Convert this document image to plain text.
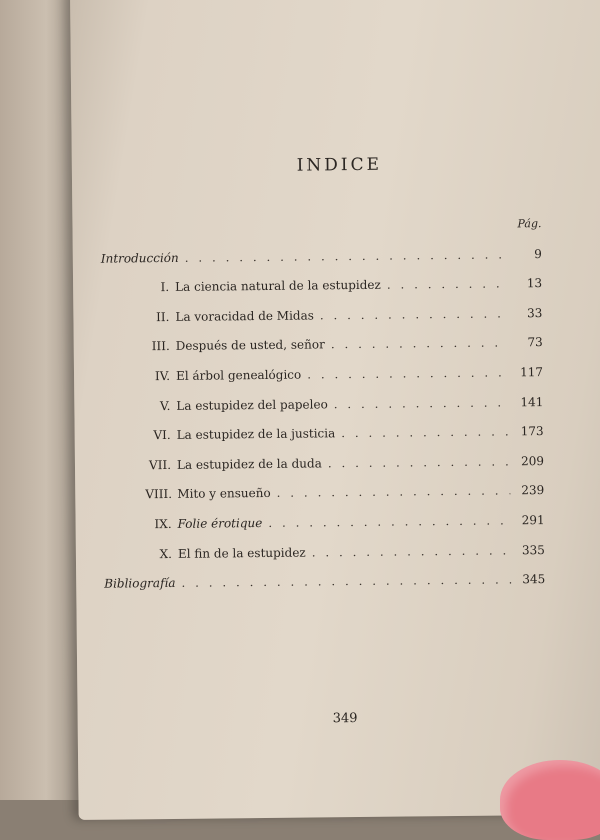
INDICE
Pág.
Introducción . . .	9
I. La ciencia natural de la estupidez . . .	13
II. La voracidad de Midas . . .	33
III. Después de usted, señor . . .	73
IV. El árbol genealógico . . .	117
V. La estupidez del papeleo . . .	141
VI. La estupidez de la justicia . . .	173
VII. La estupidez de la duda . . .	209
VIII. Mito y ensueño . . .	239
IX. Folie érotique . . .	291
X. El fin de la estupidez . . .	335
Bibliografía . . .	345
349
